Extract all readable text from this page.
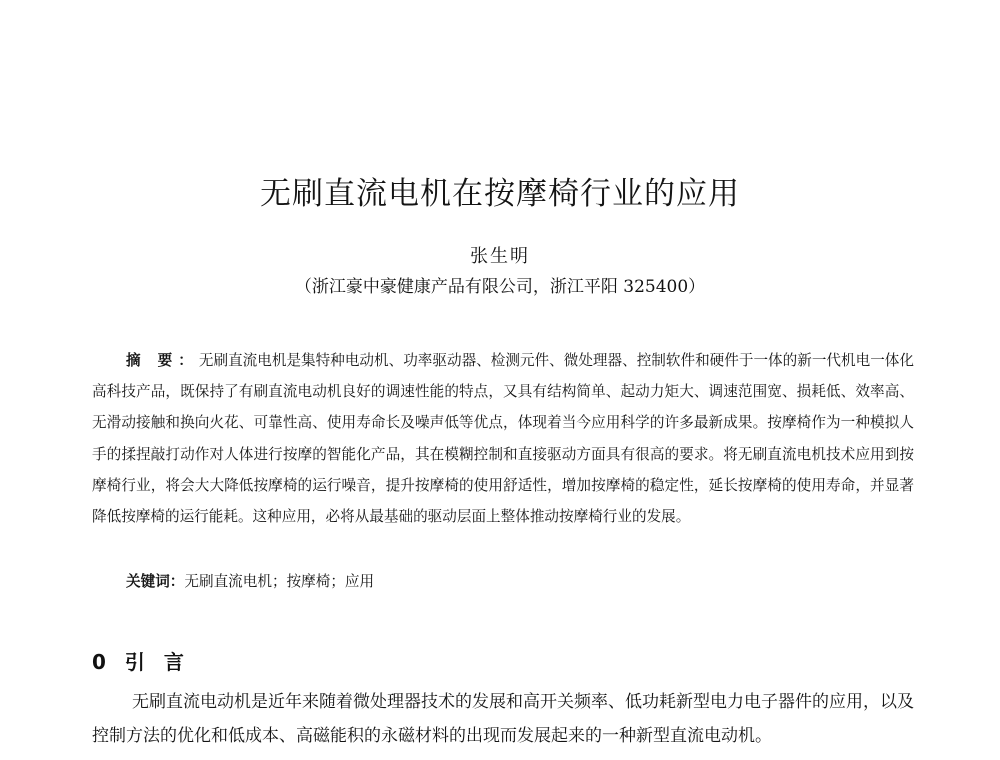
无刷直流电机在按摩椅行业的应用
张生明
（浙江豪中豪健康产品有限公司，浙江平阳 325400）

摘 要：无刷直流电机是集特种电动机、功率驱动器、检测元件、微处理器、控制软件和硬件于一体的新一代机电一体化高科技产品，既保持了有刷直流电动机良好的调速性能的特点，又具有结构简单、起动力矩大、调速范围宽、损耗低、效率高、无滑动接触和换向火花、可靠性高、使用寿命长及噪声低等优点，体现着当今应用科学的许多最新成果。按摩椅作为一种模拟人手的揉捏敲打动作对人体进行按摩的智能化产品，其在模糊控制和直接驱动方面具有很高的要求。将无刷直流电机技术应用到按摩椅行业，将会大大降低按摩椅的运行噪音，提升按摩椅的使用舒适性，增加按摩椅的稳定性，延长按摩椅的使用寿命，并显著降低按摩椅的运行能耗。这种应用，必将从最基础的驱动层面上整体推动按摩椅行业的发展。

关键词：无刷直流电机；按摩椅；应用
0 引 言

无刷直流电动机是近年来随着微处理器技术的发展和高开关频率、低功耗新型电力电子器件的应用，以及控制方法的优化和低成本、高磁能积的永磁材料的出现而发展起来的一种新型直流电动机。
